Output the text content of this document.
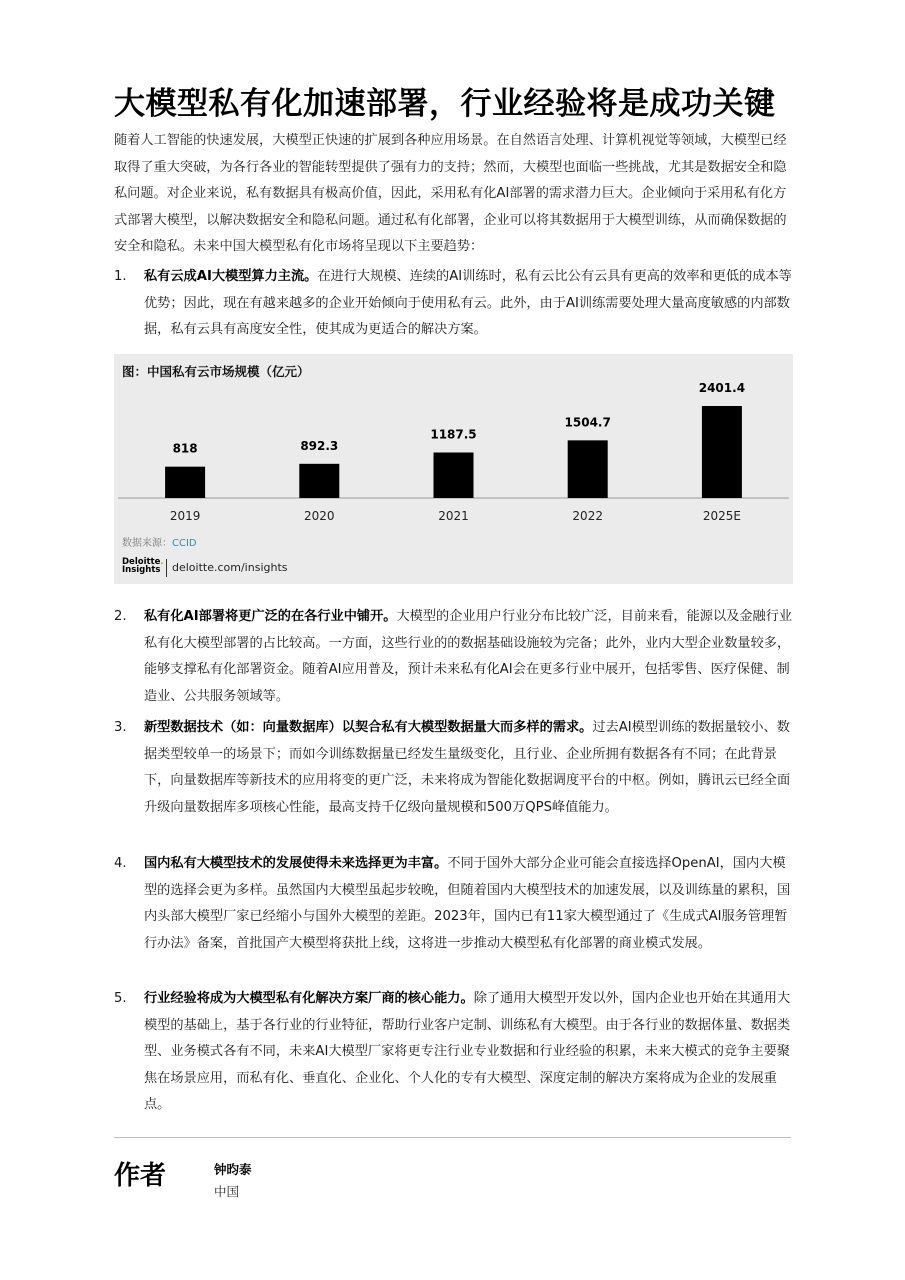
大模型私有化加速部署，行业经验将是成功关键

随着人工智能的快速发展，大模型正快速的扩展到各种应用场景。在自然语言处理、计算机视觉等领域，大模型已经取得了重大突破，为各行各业的智能转型提供了强有力的支持；然而，大模型也面临一些挑战，尤其是数据安全和隐私问题。对企业来说，私有数据具有极高价值，因此，采用私有化AI部署的需求潜力巨大。企业倾向于采用私有化方式部署大模型，以解决数据安全和隐私问题。通过私有化部署，企业可以将其数据用于大模型训练，从而确保数据的安全和隐私。未来中国大模型私有化市场将呈现以下主要趋势：

1. 私有云成AI大模型算力主流。在进行大规模、连续的AI训练时，私有云比公有云具有更高的效率和更低的成本等优势；因此，现在有越来越多的企业开始倾向于使用私有云。此外，由于AI训练需要处理大量高度敏感的内部数据，私有云具有高度安全性，使其成为更适合的解决方案。
图：中国私有云市场规模（亿元）
818
2019
892.3
2020
1187.5
2021
1504.7
2022
2401.4
2025E
数据来源：CCID
Deloitte.
Insights deloitte.com/insights
2. 私有化AI部署将更广泛的在各行业中铺开。大模型的企业用户行业分布比较广泛，目前来看，能源以及金融行业私有化大模型部署的占比较高。一方面，这些行业的的数据基础设施较为完备；此外，业内大型企业数量较多，能够支撑私有化部署资金。随着AI应用普及，预计未来私有化AI会在更多行业中展开，包括零售、医疗保健、制造业、公共服务领域等。
3. 新型数据技术（如：向量数据库）以契合私有大模型数据量大而多样的需求。过去AI模型训练的数据量较小、数据类型较单一的场景下；而如今训练数据量已经发生量级变化，且行业、企业所拥有数据各有不同；在此背景下，向量数据库等新技术的应用将变的更广泛，未来将成为智能化数据调度平台的中枢。例如，腾讯云已经全面升级向量数据库多项核心性能，最高支持千亿级向量规模和500万QPS峰值能力。
4. 国内私有大模型技术的发展使得未来选择更为丰富。不同于国外大部分企业可能会直接选择OpenAI，国内大模型的选择会更为多样。虽然国内大模型虽起步较晚，但随着国内大模型技术的加速发展，以及训练量的累积，国内头部大模型厂家已经缩小与国外大模型的差距。2023年，国内已有11家大模型通过了《生成式AI服务管理暂行办法》备案，首批国产大模型将获批上线，这将进一步推动大模型私有化部署的商业模式发展。
5. 行业经验将成为大模型私有化解决方案厂商的核心能力。除了通用大模型开发以外，国内企业也开始在其通用大模型的基础上，基于各行业的行业特征，帮助行业客户定制、训练私有大模型。由于各行业的数据体量、数据类型、业务模式各有不同，未来AI大模型厂家将更专注行业专业数据和行业经验的积累，未来大模式的竞争主要聚焦在场景应用，而私有化、垂直化、企业化、个人化的专有大模型、深度定制的解决方案将成为企业的发展重点。
作者	钟昀泰
中国
